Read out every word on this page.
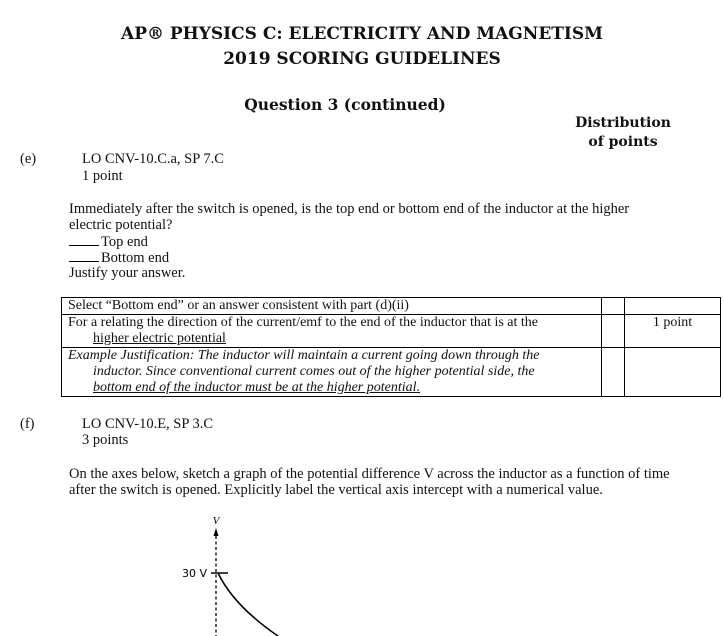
AP® PHYSICS C: ELECTRICITY AND MAGNETISM
2019 SCORING GUIDELINES
Question 3 (continued)
Distribution
of points
(e)	LO CNV-10.C.a, SP 7.C
1 point
Immediately after the switch is opened, is the top end or bottom end of the inductor at the higher
electric potential?
Top end
Bottom end
Justify your answer.
Select “Bottom end” or an answer consistent with part (d)(ii)		
For a relating the direction of the current/emf to the end of the inductor that is at the
higher electric potential		1 point
Example Justification: The inductor will maintain a current going down through the
inductor. Since conventional current comes out of the higher potential side, the
bottom end of the inductor must be at the higher potential.		

(f)	LO CNV-10.E, SP 3.C
3 points
On the axes below, sketch a graph of the potential difference V across the inductor as a function of time
after the switch is opened. Explicitly label the vertical axis intercept with a numerical value.
V
30 V
